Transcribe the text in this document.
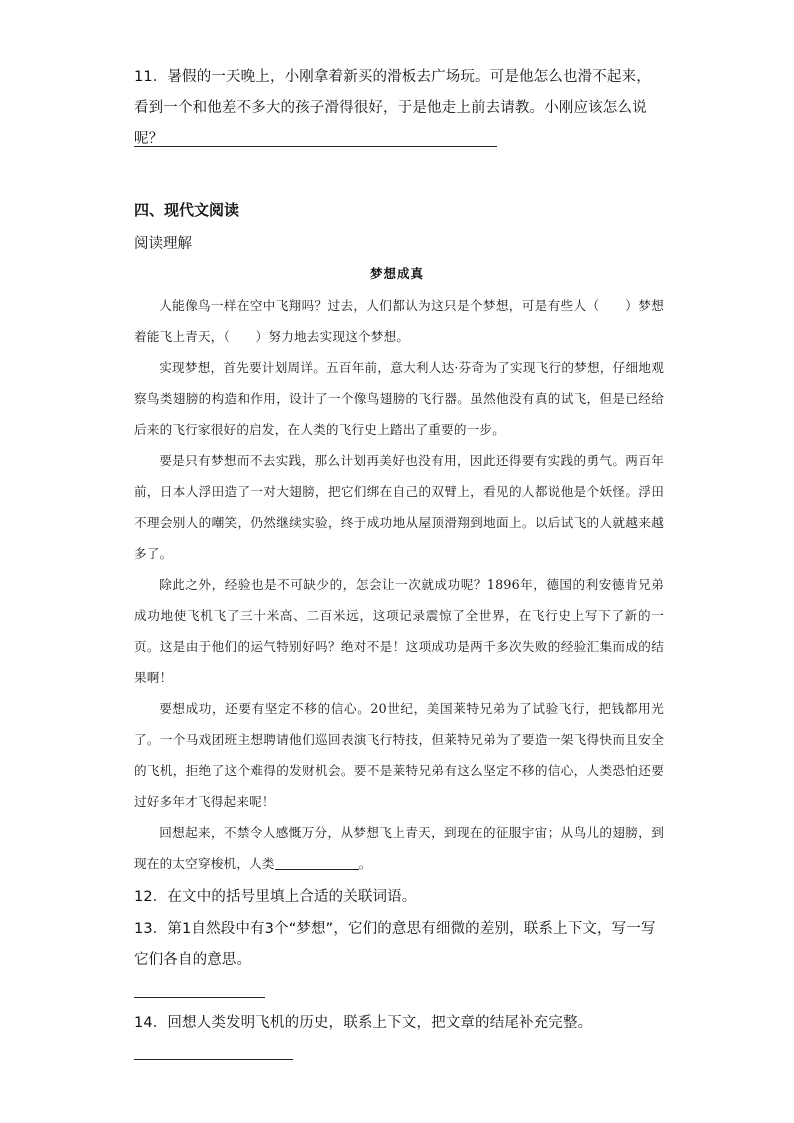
11．暑假的一天晚上，小刚拿着新买的滑板去广场玩。可是他怎么也滑不起来，看到一个和他差不多大的孩子滑得很好，于是他走上前去请教。小刚应该怎么说呢？

四、现代文阅读

阅读理解

梦想成真

人能像鸟一样在空中飞翔吗？过去，人们都认为这只是个梦想，可是有些人（　　）梦想着能飞上青天，（　　）努力地去实现这个梦想。

实现梦想，首先要计划周详。五百年前，意大利人达·芬奇为了实现飞行的梦想，仔细地观察鸟类翅膀的构造和作用，设计了一个像鸟翅膀的飞行器。虽然他没有真的试飞，但是已经给后来的飞行家很好的启发，在人类的飞行史上踏出了重要的一步。

要是只有梦想而不去实践，那么计划再美好也没有用，因此还得要有实践的勇气。两百年前，日本人浮田造了一对大翅膀，把它们绑在自己的双臂上，看见的人都说他是个妖怪。浮田不理会别人的嘲笑，仍然继续实验，终于成功地从屋顶滑翔到地面上。以后试飞的人就越来越多了。

除此之外，经验也是不可缺少的，怎会让一次就成功呢？1896年，德国的利安德肯兄弟成功地使飞机飞了三十米高、二百米远，这项记录震惊了全世界，在飞行史上写下了新的一页。这是由于他们的运气特别好吗？绝对不是！这项成功是两千多次失败的经验汇集而成的结果啊！

要想成功，还要有坚定不移的信心。20世纪，美国莱特兄弟为了试验飞行，把钱都用光了。一个马戏团班主想聘请他们巡回表演飞行特技，但莱特兄弟为了要造一架飞得快而且安全的飞机，拒绝了这个难得的发财机会。要不是莱特兄弟有这么坚定不移的信心，人类恐怕还要过好多年才飞得起来呢！

回想起来，不禁令人感慨万分，从梦想飞上青天，到现在的征服宇宙；从鸟儿的翅膀，到现在的太空穿梭机，人类	。

12．在文中的括号里填上合适的关联词语。

13．第1自然段中有3个“梦想”，它们的意思有细微的差别，联系上下文，写一写它们各自的意思。

14．回想人类发明飞机的历史，联系上下文，把文章的结尾补充完整。
